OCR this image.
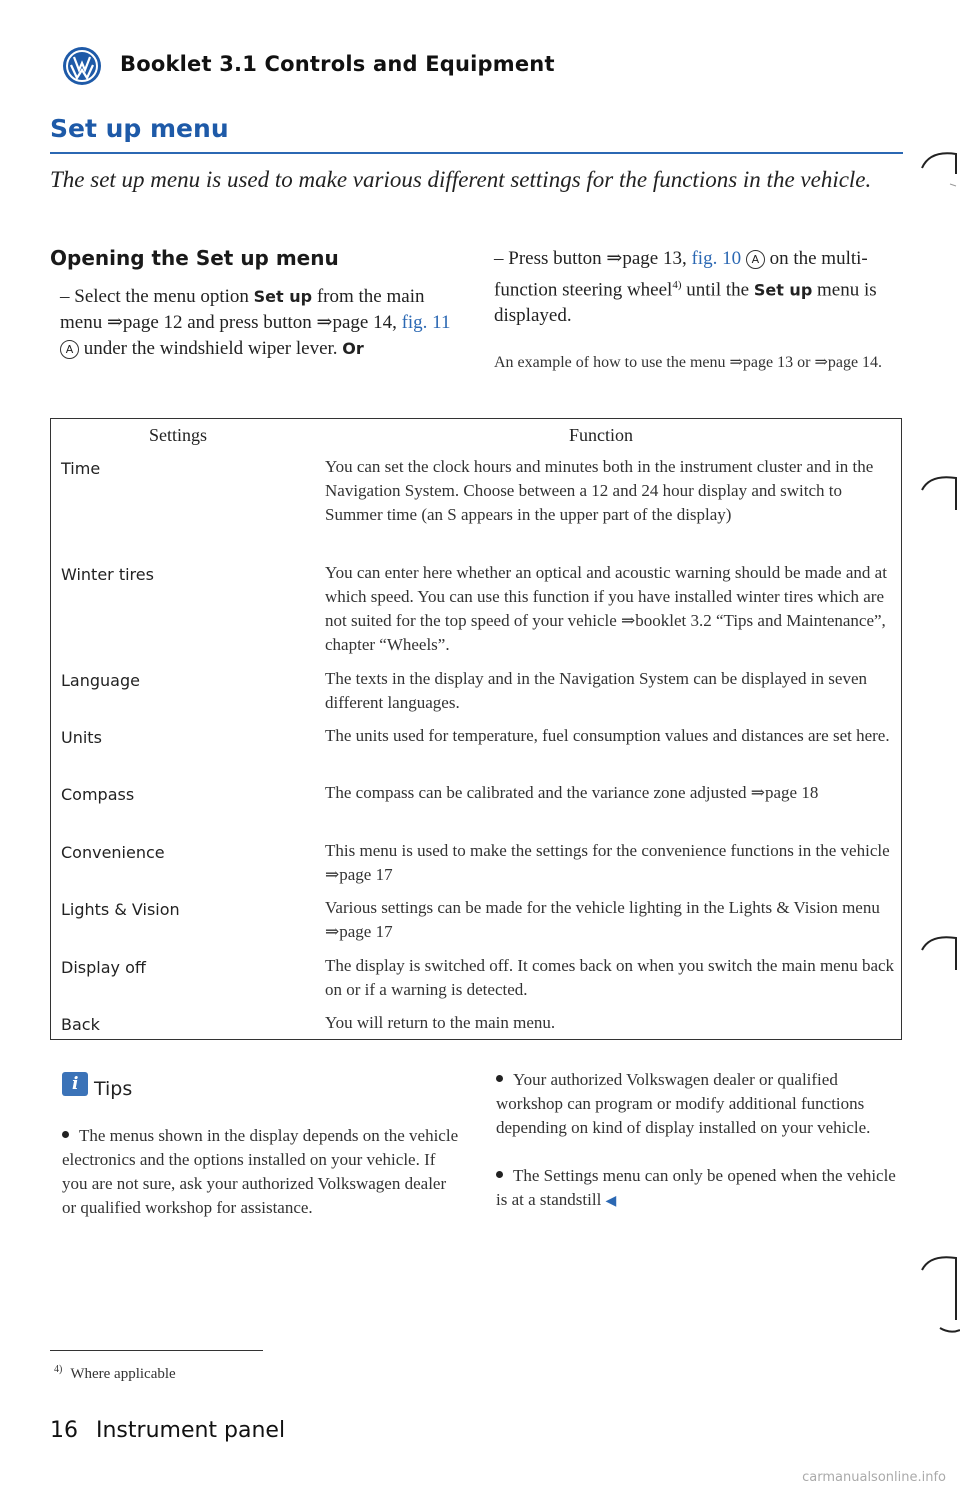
Booklet 3.1 Controls and Equipment
Set up menu
The set up menu is used to make various different settings for the functions in the vehicle.
Opening the Set up menu
– Select the menu option Set up from the main menu ⇒page 12 and press button ⇒page 14, fig. 11 A under the windshield wiper lever. Or
– Press button ⇒page 13, fig. 10 A on the multi-function steering wheel$^{4)}$ until the Set up menu is displayed.
An example of how to use the menu ⇒page 13 or ⇒page 14.
Settings	Function
Time	You can set the clock hours and minutes both in the instrument cluster and in the Navigation System. Choose between a 12 and 24 hour display and switch to Summer time (an S appears in the upper part of the display)
Winter tires	You can enter here whether an optical and acoustic warning should be made and at which speed. You can use this function if you have installed winter tires which are not suited for the top speed of your vehicle ⇒booklet 3.2 “Tips and Maintenance”, chapter “Wheels”.
Language	The texts in the display and in the Navigation System can be displayed in seven different languages.
Units	The units used for temperature, fuel consumption values and distances are set here.
Compass	The compass can be calibrated and the variance zone adjusted ⇒page 18
Convenience	This menu is used to make the settings for the convenience functions in the vehicle ⇒page 17
Lights & Vision	Various settings can be made for the vehicle lighting in the Lights & Vision menu ⇒page 17
Display off	The display is switched off. It comes back on when you switch the main menu back on or if a warning is detected.
Back	You will return to the main menu.
i Tips
The menus shown in the display depends on the vehicle electronics and the options installed on your vehicle. If you are not sure, ask your authorized Volkswagen dealer or qualified workshop for assistance.
Your authorized Volkswagen dealer or qualified workshop can program or modify additional functions depending on kind of display installed on your vehicle.
The Settings menu can only be opened when the vehicle is at a standstill ◀
$^{4)}$ Where applicable
16 Instrument panel
carmanualsonline.info
